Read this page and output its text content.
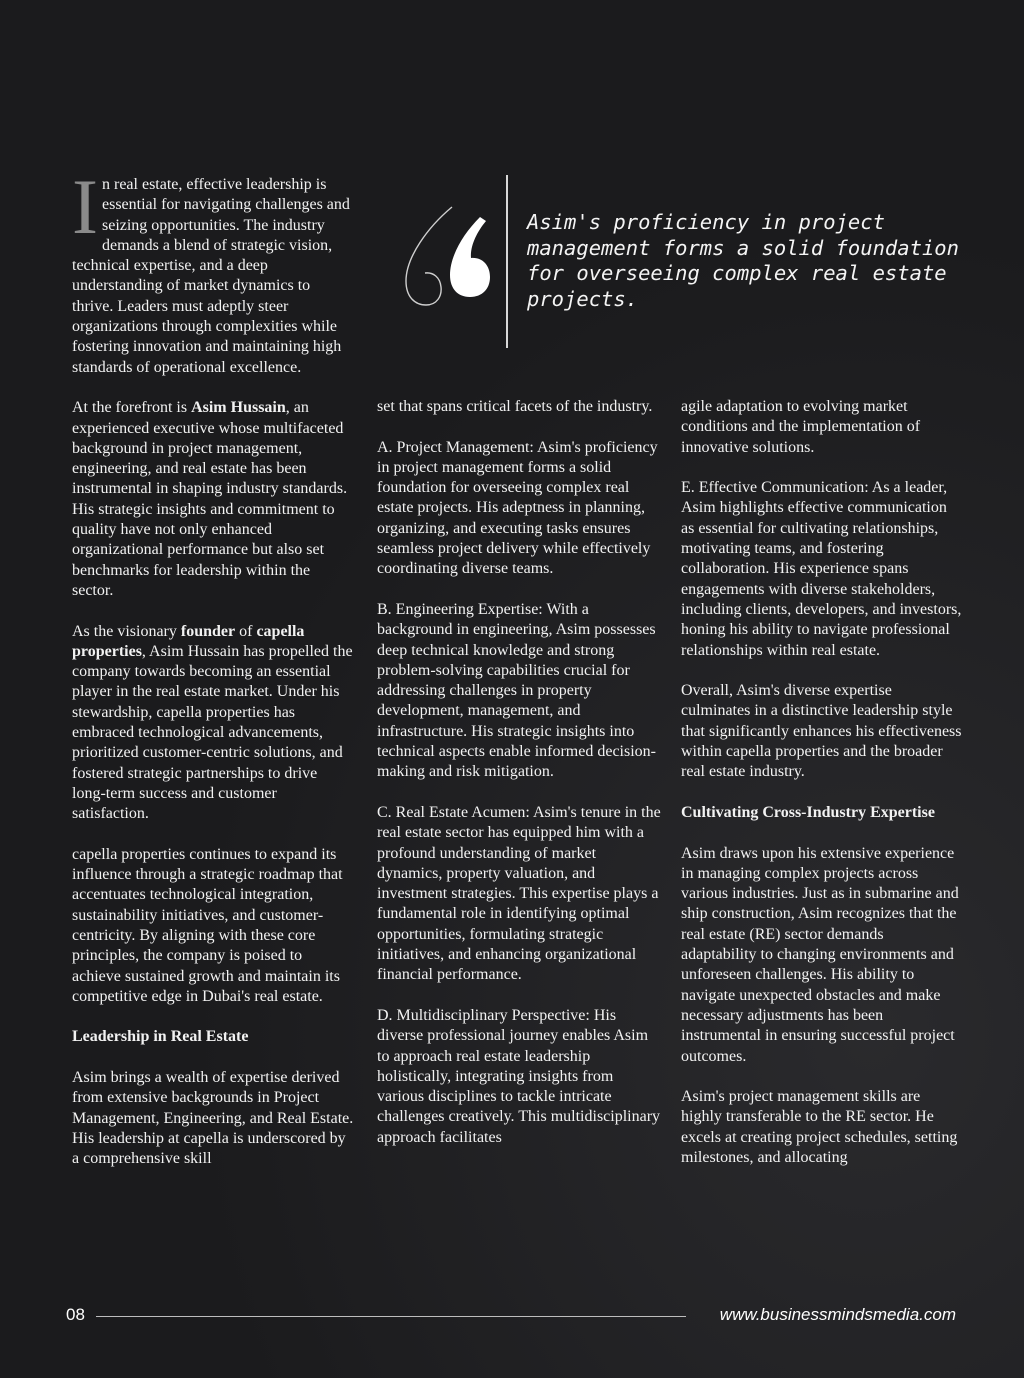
Asim's proficiency in project management forms a solid foundation for overseeing complex real estate projects.

In real estate, effective leadership is essential for navigating challenges and seizing opportunities. The industry demands a blend of strategic vision, technical expertise, and a deep understanding of market dynamics to thrive. Leaders must adeptly steer organizations through complexities while fostering innovation and maintaining high standards of operational excellence.

At the forefront is Asim Hussain, an experienced executive whose multifaceted background in project management, engineering, and real estate has been instrumental in shaping industry standards. His strategic insights and commitment to quality have not only enhanced organizational performance but also set benchmarks for leadership within the sector.

As the visionary founder of capella properties, Asim Hussain has propelled the company towards becoming an essential player in the real estate market. Under his stewardship, capella properties has embraced technological advancements, prioritized customer-centric solutions, and fostered strategic partnerships to drive long-term success and customer satisfaction.

capella properties continues to expand its influence through a strategic roadmap that accentuates technological integration, sustainability initiatives, and customer-centricity. By aligning with these core principles, the company is poised to achieve sustained growth and maintain its competitive edge in Dubai's real estate.

Leadership in Real Estate

Asim brings a wealth of expertise derived from extensive backgrounds in Project Management, Engineering, and Real Estate. His leadership at capella is underscored by a comprehensive skill

set that spans critical facets of the industry.

A. Project Management: Asim's proficiency in project management forms a solid foundation for overseeing complex real estate projects. His adeptness in planning, organizing, and executing tasks ensures seamless project delivery while effectively coordinating diverse teams.

B. Engineering Expertise: With a background in engineering, Asim possesses deep technical knowledge and strong problem-solving capabilities crucial for addressing challenges in property development, management, and infrastructure. His strategic insights into technical aspects enable informed decision-making and risk mitigation.

C. Real Estate Acumen: Asim's tenure in the real estate sector has equipped him with a profound understanding of market dynamics, property valuation, and investment strategies. This expertise plays a fundamental role in identifying optimal opportunities, formulating strategic initiatives, and enhancing organizational financial performance.

D. Multidisciplinary Perspective: His diverse professional journey enables Asim to approach real estate leadership holistically, integrating insights from various disciplines to tackle intricate challenges creatively. This multidisciplinary approach facilitates

agile adaptation to evolving market conditions and the implementation of innovative solutions.

E. Effective Communication: As a leader, Asim highlights effective communication as essential for cultivating relationships, motivating teams, and fostering collaboration. His experience spans engagements with diverse stakeholders, including clients, developers, and investors, honing his ability to navigate professional relationships within real estate.

Overall, Asim's diverse expertise culminates in a distinctive leadership style that significantly enhances his effectiveness within capella properties and the broader real estate industry.

Cultivating Cross-Industry Expertise

Asim draws upon his extensive experience in managing complex projects across various industries. Just as in submarine and ship construction, Asim recognizes that the real estate (RE) sector demands adaptability to changing environments and unforeseen challenges. His ability to navigate unexpected obstacles and make necessary adjustments has been instrumental in ensuring successful project outcomes.

Asim's project management skills are highly transferable to the RE sector. He excels at creating project schedules, setting milestones, and allocating

08	www.businessmindsmedia.com
